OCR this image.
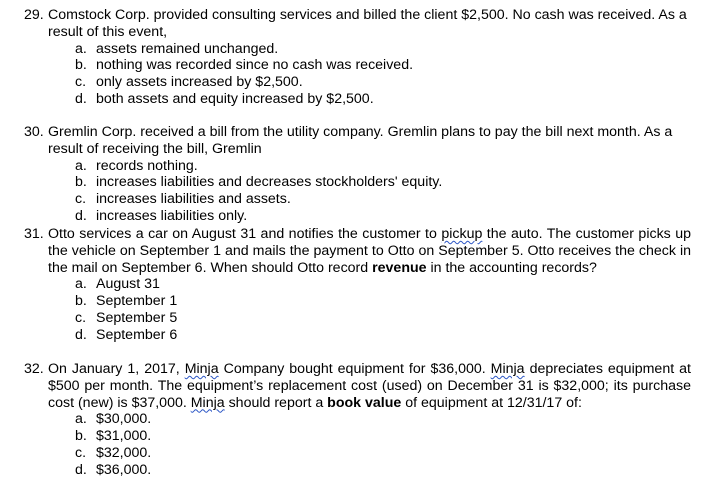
29. Comstock Corp. provided consulting services and billed the client $2,500. No cash was received. As a result of this event,
a. assets remained unchanged.
b. nothing was recorded since no cash was received.
c. only assets increased by $2,500.
d. both assets and equity increased by $2,500.
30. Gremlin Corp. received a bill from the utility company. Gremlin plans to pay the bill next month. As a result of receiving the bill, Gremlin
a. records nothing.
b. increases liabilities and decreases stockholders' equity.
c. increases liabilities and assets.
d. increases liabilities only.
31. Otto services a car on August 31 and notifies the customer to pickup the auto. The customer picks up the vehicle on September 1 and mails the payment to Otto on September 5. Otto receives the check in the mail on September 6. When should Otto record revenue in the accounting records?
a. August 31
b. September 1
c. September 5
d. September 6
32. On January 1, 2017, Minja Company bought equipment for $36,000. Minja depreciates equipment at $500 per month. The equipment’s replacement cost (used) on December 31 is $32,000; its purchase cost (new) is $37,000. Minja should report a book value of equipment at 12/31/17 of:
a. $30,000.
b. $31,000.
c. $32,000.
d. $36,000.
